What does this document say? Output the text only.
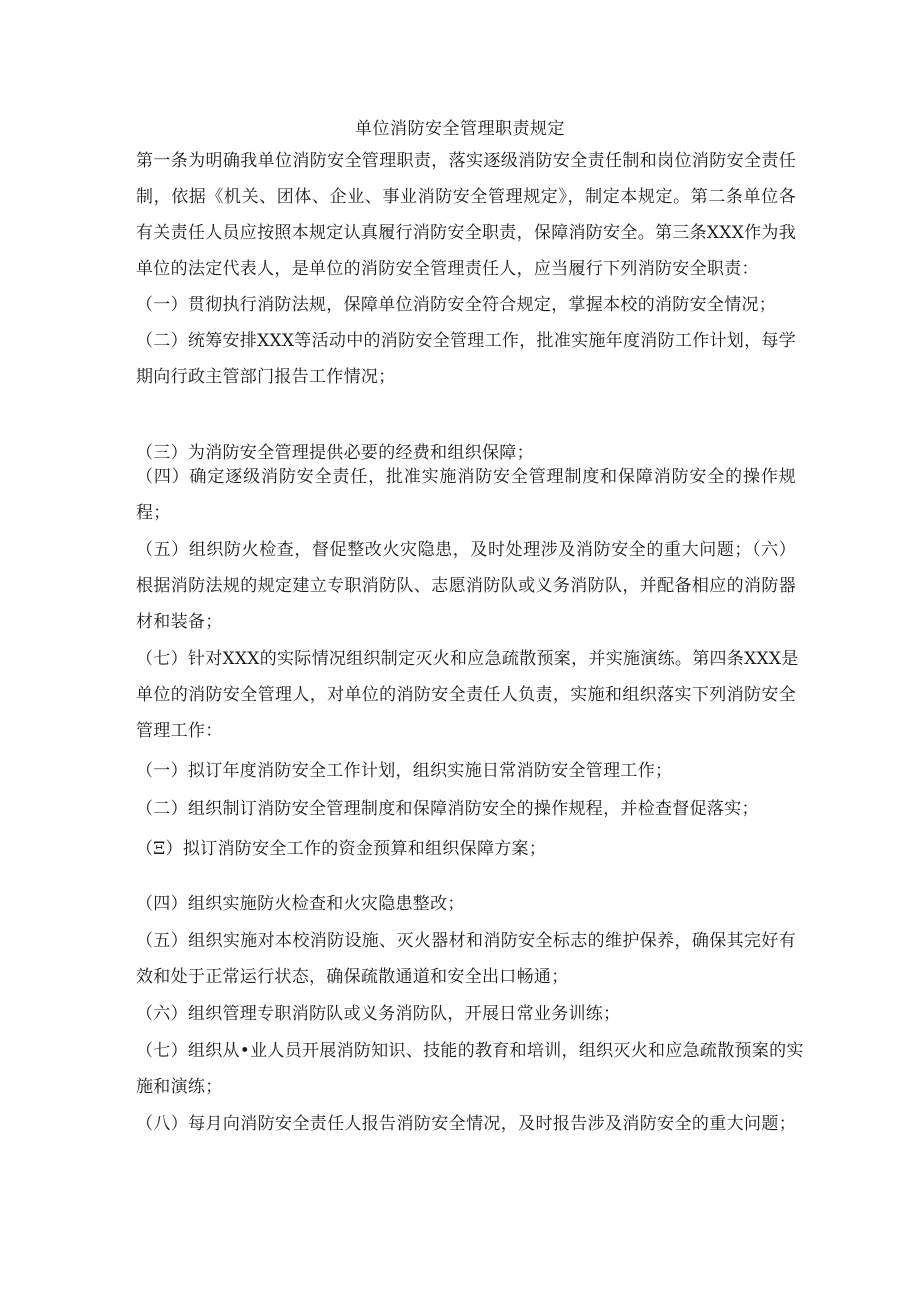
单位消防安全管理职责规定
第一条为明确我单位消防安全管理职责，落实逐级消防安全责任制和岗位消防安全责任
制，依据《机关、团体、企业、事业消防安全管理规定》，制定本规定。第二条单位各
有关责任人员应按照本规定认真履行消防安全职责，保障消防安全。第三条XXX作为我
单位的法定代表人，是单位的消防安全管理责任人，应当履行下列消防安全职责：
（一）贯彻执行消防法规，保障单位消防安全符合规定，掌握本校的消防安全情况；
（二）统筹安排XXX等活动中的消防安全管理工作，批准实施年度消防工作计划，每学
期向行政主管部门报告工作情况；
（三）为消防安全管理提供必要的经费和组织保障；
（四）确定逐级消防安全责任，批准实施消防安全管理制度和保障消防安全的操作规
程；
（五）组织防火检查，督促整改火灾隐患，及时处理涉及消防安全的重大问题；（六）
根据消防法规的规定建立专职消防队、志愿消防队或义务消防队，并配备相应的消防器
材和装备；
（七）针对XXX的实际情况组织制定灭火和应急疏散预案，并实施演练。第四条XXX是
单位的消防安全管理人，对单位的消防安全责任人负责，实施和组织落实下列消防安全
管理工作：
（一）拟订年度消防安全工作计划，组织实施日常消防安全管理工作；
（二）组织制订消防安全管理制度和保障消防安全的操作规程，并检查督促落实；
（Ξ）拟订消防安全工作的资金预算和组织保障方案；
（四）组织实施防火检查和火灾隐患整改；
（五）组织实施对本校消防设施、灭火器材和消防安全标志的维护保养，确保其完好有
效和处于正常运行状态，确保疏散通道和安全出口畅通；
（六）组织管理专职消防队或义务消防队，开展日常业务训练；
（七）组织从•业人员开展消防知识、技能的教育和培训，组织灭火和应急疏散预案的实
施和演练；
（八）每月向消防安全责任人报告消防安全情况，及时报告涉及消防安全的重大问题；
